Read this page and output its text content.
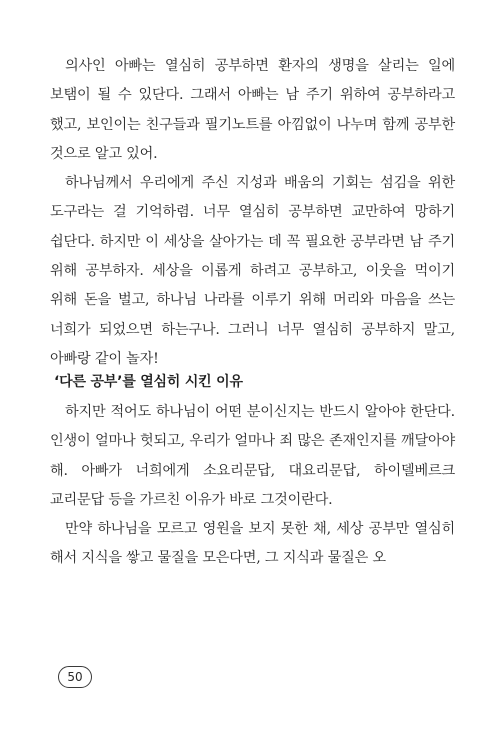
의사인 아빠는 열심히 공부하면 환자의 생명을 살리는 일에 보탬이 될 수 있단다. 그래서 아빠는 남 주기 위하여 공부하라고 했고, 보인이는 친구들과 필기노트를 아낌없이 나누며 함께 공부한 것으로 알고 있어.

하나님께서 우리에게 주신 지성과 배움의 기회는 섬김을 위한 도구라는 걸 기억하렴. 너무 열심히 공부하면 교만하여 망하기 쉽단다. 하지만 이 세상을 살아가는 데 꼭 필요한 공부라면 남 주기 위해 공부하자. 세상을 이롭게 하려고 공부하고, 이웃을 먹이기 위해 돈을 벌고, 하나님 나라를 이루기 위해 머리와 마음을 쓰는 너희가 되었으면 하는구나. 그러니 너무 열심히 공부하지 말고, 아빠랑 같이 놀자!

‘다른 공부’를 열심히 시킨 이유

하지만 적어도 하나님이 어떤 분이신지는 반드시 알아야 한단다. 인생이 얼마나 헛되고, 우리가 얼마나 죄 많은 존재인지를 깨달아야 해. 아빠가 너희에게 소요리문답, 대요리문답, 하이델베르크 교리문답 등을 가르친 이유가 바로 그것이란다.

만약 하나님을 모르고 영원을 보지 못한 채, 세상 공부만 열심히 해서 지식을 쌓고 물질을 모은다면, 그 지식과 물질은 오

50
